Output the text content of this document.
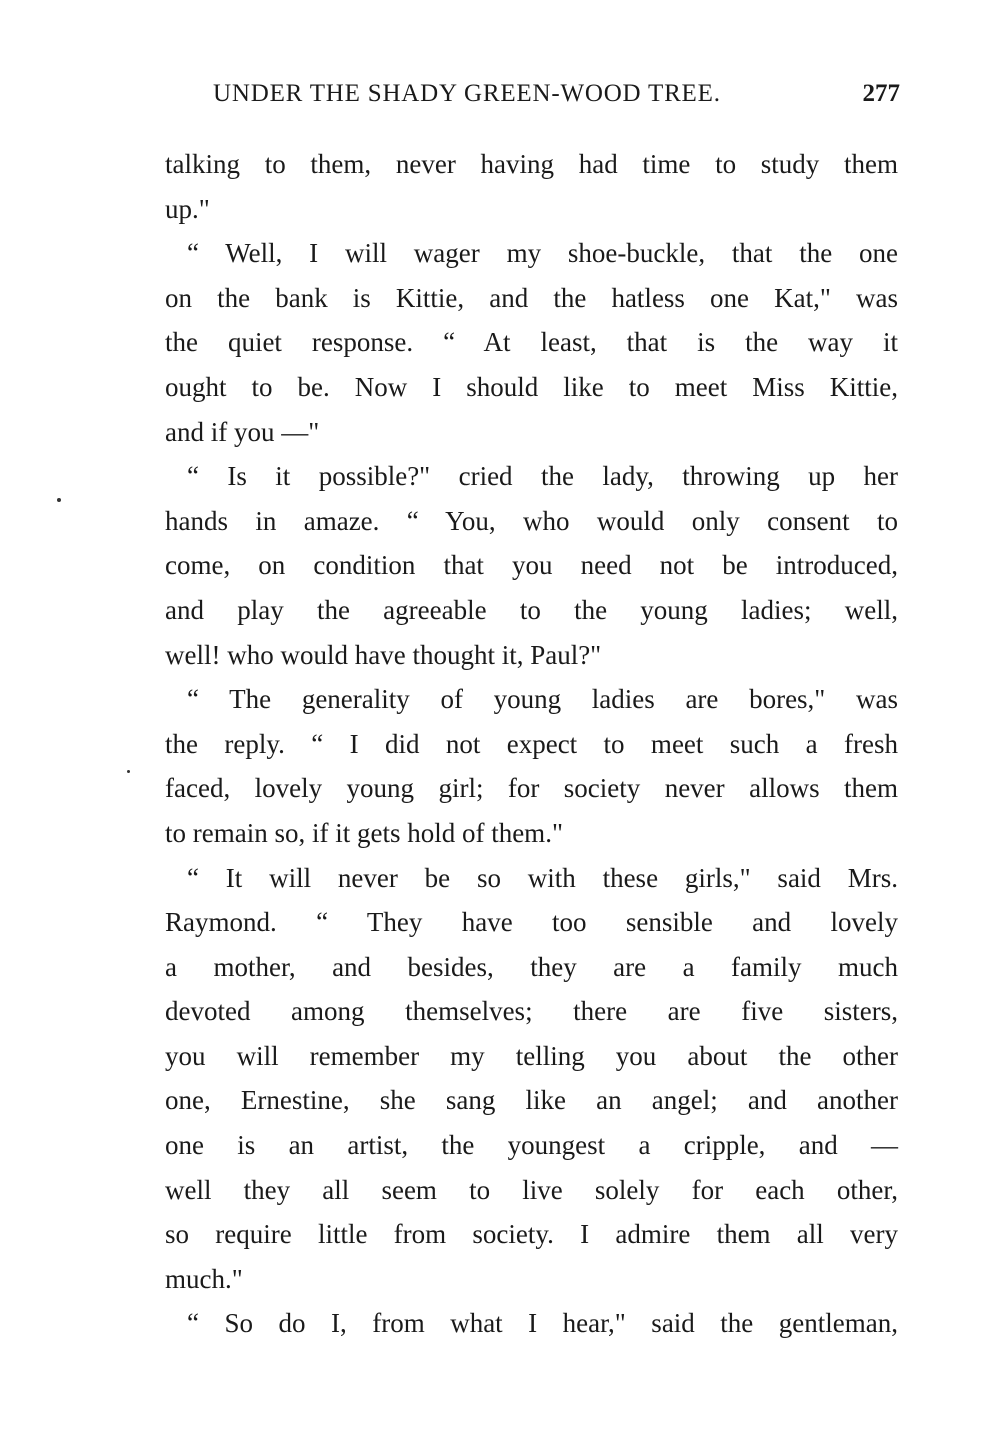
UNDER THE SHADY GREEN-WOOD TREE.	277
talking to them, never having had time to study them
up."
“ Well, I will wager my shoe-buckle, that the one
on the bank is Kittie, and the hatless one Kat," was
the quiet response. “ At least, that is the way it
ought to be. Now I should like to meet Miss Kittie,
and if you —"
“ Is it possible?" cried the lady, throwing up her
hands in amaze. “ You, who would only consent to
come, on condition that you need not be introduced,
and play the agreeable to the young ladies; well,
well! who would have thought it, Paul?"
“ The generality of young ladies are bores," was
the reply. “ I did not expect to meet such a fresh
faced, lovely young girl; for society never allows them
to remain so, if it gets hold of them."
“ It will never be so with these girls," said Mrs.
Raymond. “ They have too sensible and lovely
a mother, and besides, they are a family much
devoted among themselves; there are five sisters,
you will remember my telling you about the other
one, Ernestine, she sang like an angel; and another
one is an artist, the youngest a cripple, and —
well they all seem to live solely for each other,
so require little from society. I admire them all very
much."
“ So do I, from what I hear," said the gentleman,
